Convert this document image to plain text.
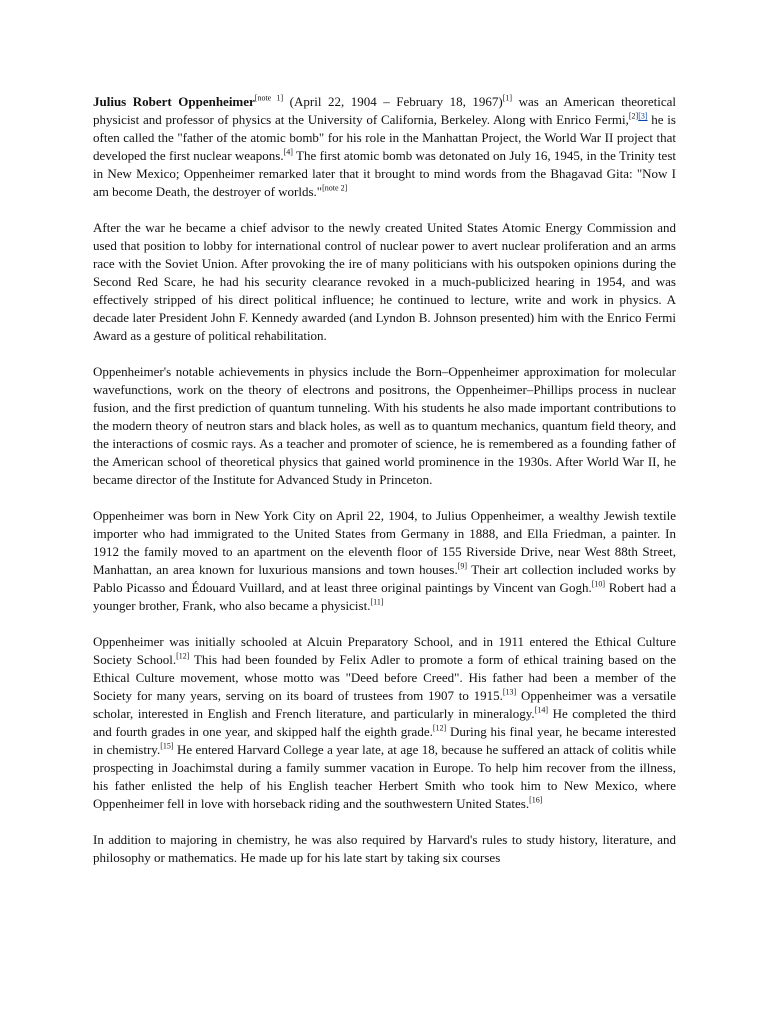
Julius Robert Oppenheimer[note 1] (April 22, 1904 – February 18, 1967)[1] was an American theoretical physicist and professor of physics at the University of California, Berkeley. Along with Enrico Fermi,[2][3] he is often called the "father of the atomic bomb" for his role in the Manhattan Project, the World War II project that developed the first nuclear weapons.[4] The first atomic bomb was detonated on July 16, 1945, in the Trinity test in New Mexico; Oppenheimer remarked later that it brought to mind words from the Bhagavad Gita: "Now I am become Death, the destroyer of worlds."[note 2]

After the war he became a chief advisor to the newly created United States Atomic Energy Commission and used that position to lobby for international control of nuclear power to avert nuclear proliferation and an arms race with the Soviet Union. After provoking the ire of many politicians with his outspoken opinions during the Second Red Scare, he had his security clearance revoked in a much-publicized hearing in 1954, and was effectively stripped of his direct political influence; he continued to lecture, write and work in physics. A decade later President John F. Kennedy awarded (and Lyndon B. Johnson presented) him with the Enrico Fermi Award as a gesture of political rehabilitation.

Oppenheimer's notable achievements in physics include the Born–Oppenheimer approximation for molecular wavefunctions, work on the theory of electrons and positrons, the Oppenheimer–Phillips process in nuclear fusion, and the first prediction of quantum tunneling. With his students he also made important contributions to the modern theory of neutron stars and black holes, as well as to quantum mechanics, quantum field theory, and the interactions of cosmic rays. As a teacher and promoter of science, he is remembered as a founding father of the American school of theoretical physics that gained world prominence in the 1930s. After World War II, he became director of the Institute for Advanced Study in Princeton.

Oppenheimer was born in New York City on April 22, 1904, to Julius Oppenheimer, a wealthy Jewish textile importer who had immigrated to the United States from Germany in 1888, and Ella Friedman, a painter. In 1912 the family moved to an apartment on the eleventh floor of 155 Riverside Drive, near West 88th Street, Manhattan, an area known for luxurious mansions and town houses.[9] Their art collection included works by Pablo Picasso and Édouard Vuillard, and at least three original paintings by Vincent van Gogh.[10] Robert had a younger brother, Frank, who also became a physicist.[11]

Oppenheimer was initially schooled at Alcuin Preparatory School, and in 1911 entered the Ethical Culture Society School.[12] This had been founded by Felix Adler to promote a form of ethical training based on the Ethical Culture movement, whose motto was "Deed before Creed". His father had been a member of the Society for many years, serving on its board of trustees from 1907 to 1915.[13] Oppenheimer was a versatile scholar, interested in English and French literature, and particularly in mineralogy.[14] He completed the third and fourth grades in one year, and skipped half the eighth grade.[12] During his final year, he became interested in chemistry.[15] He entered Harvard College a year late, at age 18, because he suffered an attack of colitis while prospecting in Joachimstal during a family summer vacation in Europe. To help him recover from the illness, his father enlisted the help of his English teacher Herbert Smith who took him to New Mexico, where Oppenheimer fell in love with horseback riding and the southwestern United States.[16]

In addition to majoring in chemistry, he was also required by Harvard's rules to study history, literature, and philosophy or mathematics. He made up for his late start by taking six courses
